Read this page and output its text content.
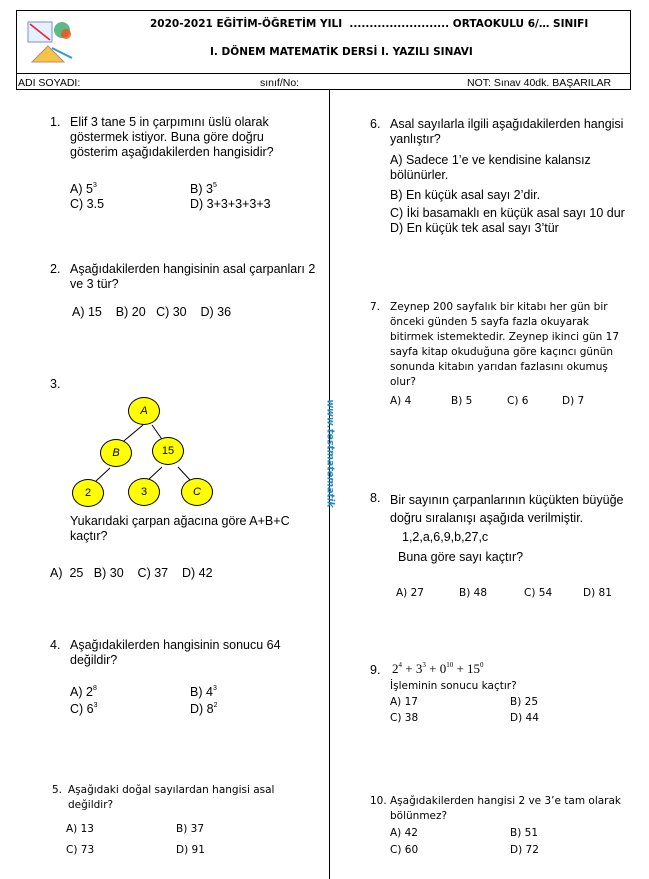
2020-2021 EĞİTİM-ÖĞRETİM YILI  ......................... ORTAOKULU 6/… SINIFI
I. DÖNEM MATEMATİK DERSİ I. YAZILI SINAVI
ADI SOYADI:	sınıf/No:	NOT: Sınav 40dk. BAŞARILAR
www.testmatematik
1. Elif 3 tane 5 in çarpımını üslü olarak göstermek istiyor. Buna göre doğru gösterim aşağıdakilerden hangisidir?
A) $5^3$	B) $3^5$
C) 3.5	D) 3+3+3+3+3
2. Aşağıdakilerden hangisinin asal çarpanları 2 ve 3 tür?
A) 15    B) 20   C) 30    D) 36
3.
A
B	15
2	3	C
Yukarıdaki çarpan ağacına göre A+B+C kaçtır?
A)  25   B) 30    C) 37    D) 42
4. Aşağıdakilerden hangisinin sonucu 64 değildir?
A) $2^8$	B) $4^3$
C) $6^3$	D) $8^2$
5. Aşağıdaki doğal sayılardan hangisi asal değildir?
A) 13	B) 37
C) 73	D) 91
6. Asal sayılarla ilgili aşağıdakilerden hangisi yanlıştır?
A) Sadece 1’e ve kendisine kalansız bölünürler.
B) En küçük asal sayı 2’dir.
C) İki basamaklı en küçük asal sayı 10 dur
D) En küçük tek asal sayı 3’tür
7. Zeynep 200 sayfalık bir kitabı her gün bir önceki günden 5 sayfa fazla okuyarak bitirmek istemektedir. Zeynep ikinci gün 17 sayfa kitap okuduğuna göre kaçıncı günün sonunda kitabın yarıdan fazlasını okumuş olur?
A) 4	B) 5	C) 6	D) 7
8. Bir sayının çarpanlarının küçükten büyüğe doğru sıralanışı aşağıda verilmiştir.
1,2,a,6,9,b,27,c
Buna göre sayı kaçtır?
A) 27	B) 48	C) 54	D) 81
9. $2^4 + 3^3 + 0^{10} + 15^0$
İşleminin sonucu kaçtır?
A) 17	B) 25
C) 38	D) 44
10. Aşağıdakilerden hangisi 2 ve 3’e tam olarak bölünmez?
A) 42	B) 51
C) 60	D) 72
